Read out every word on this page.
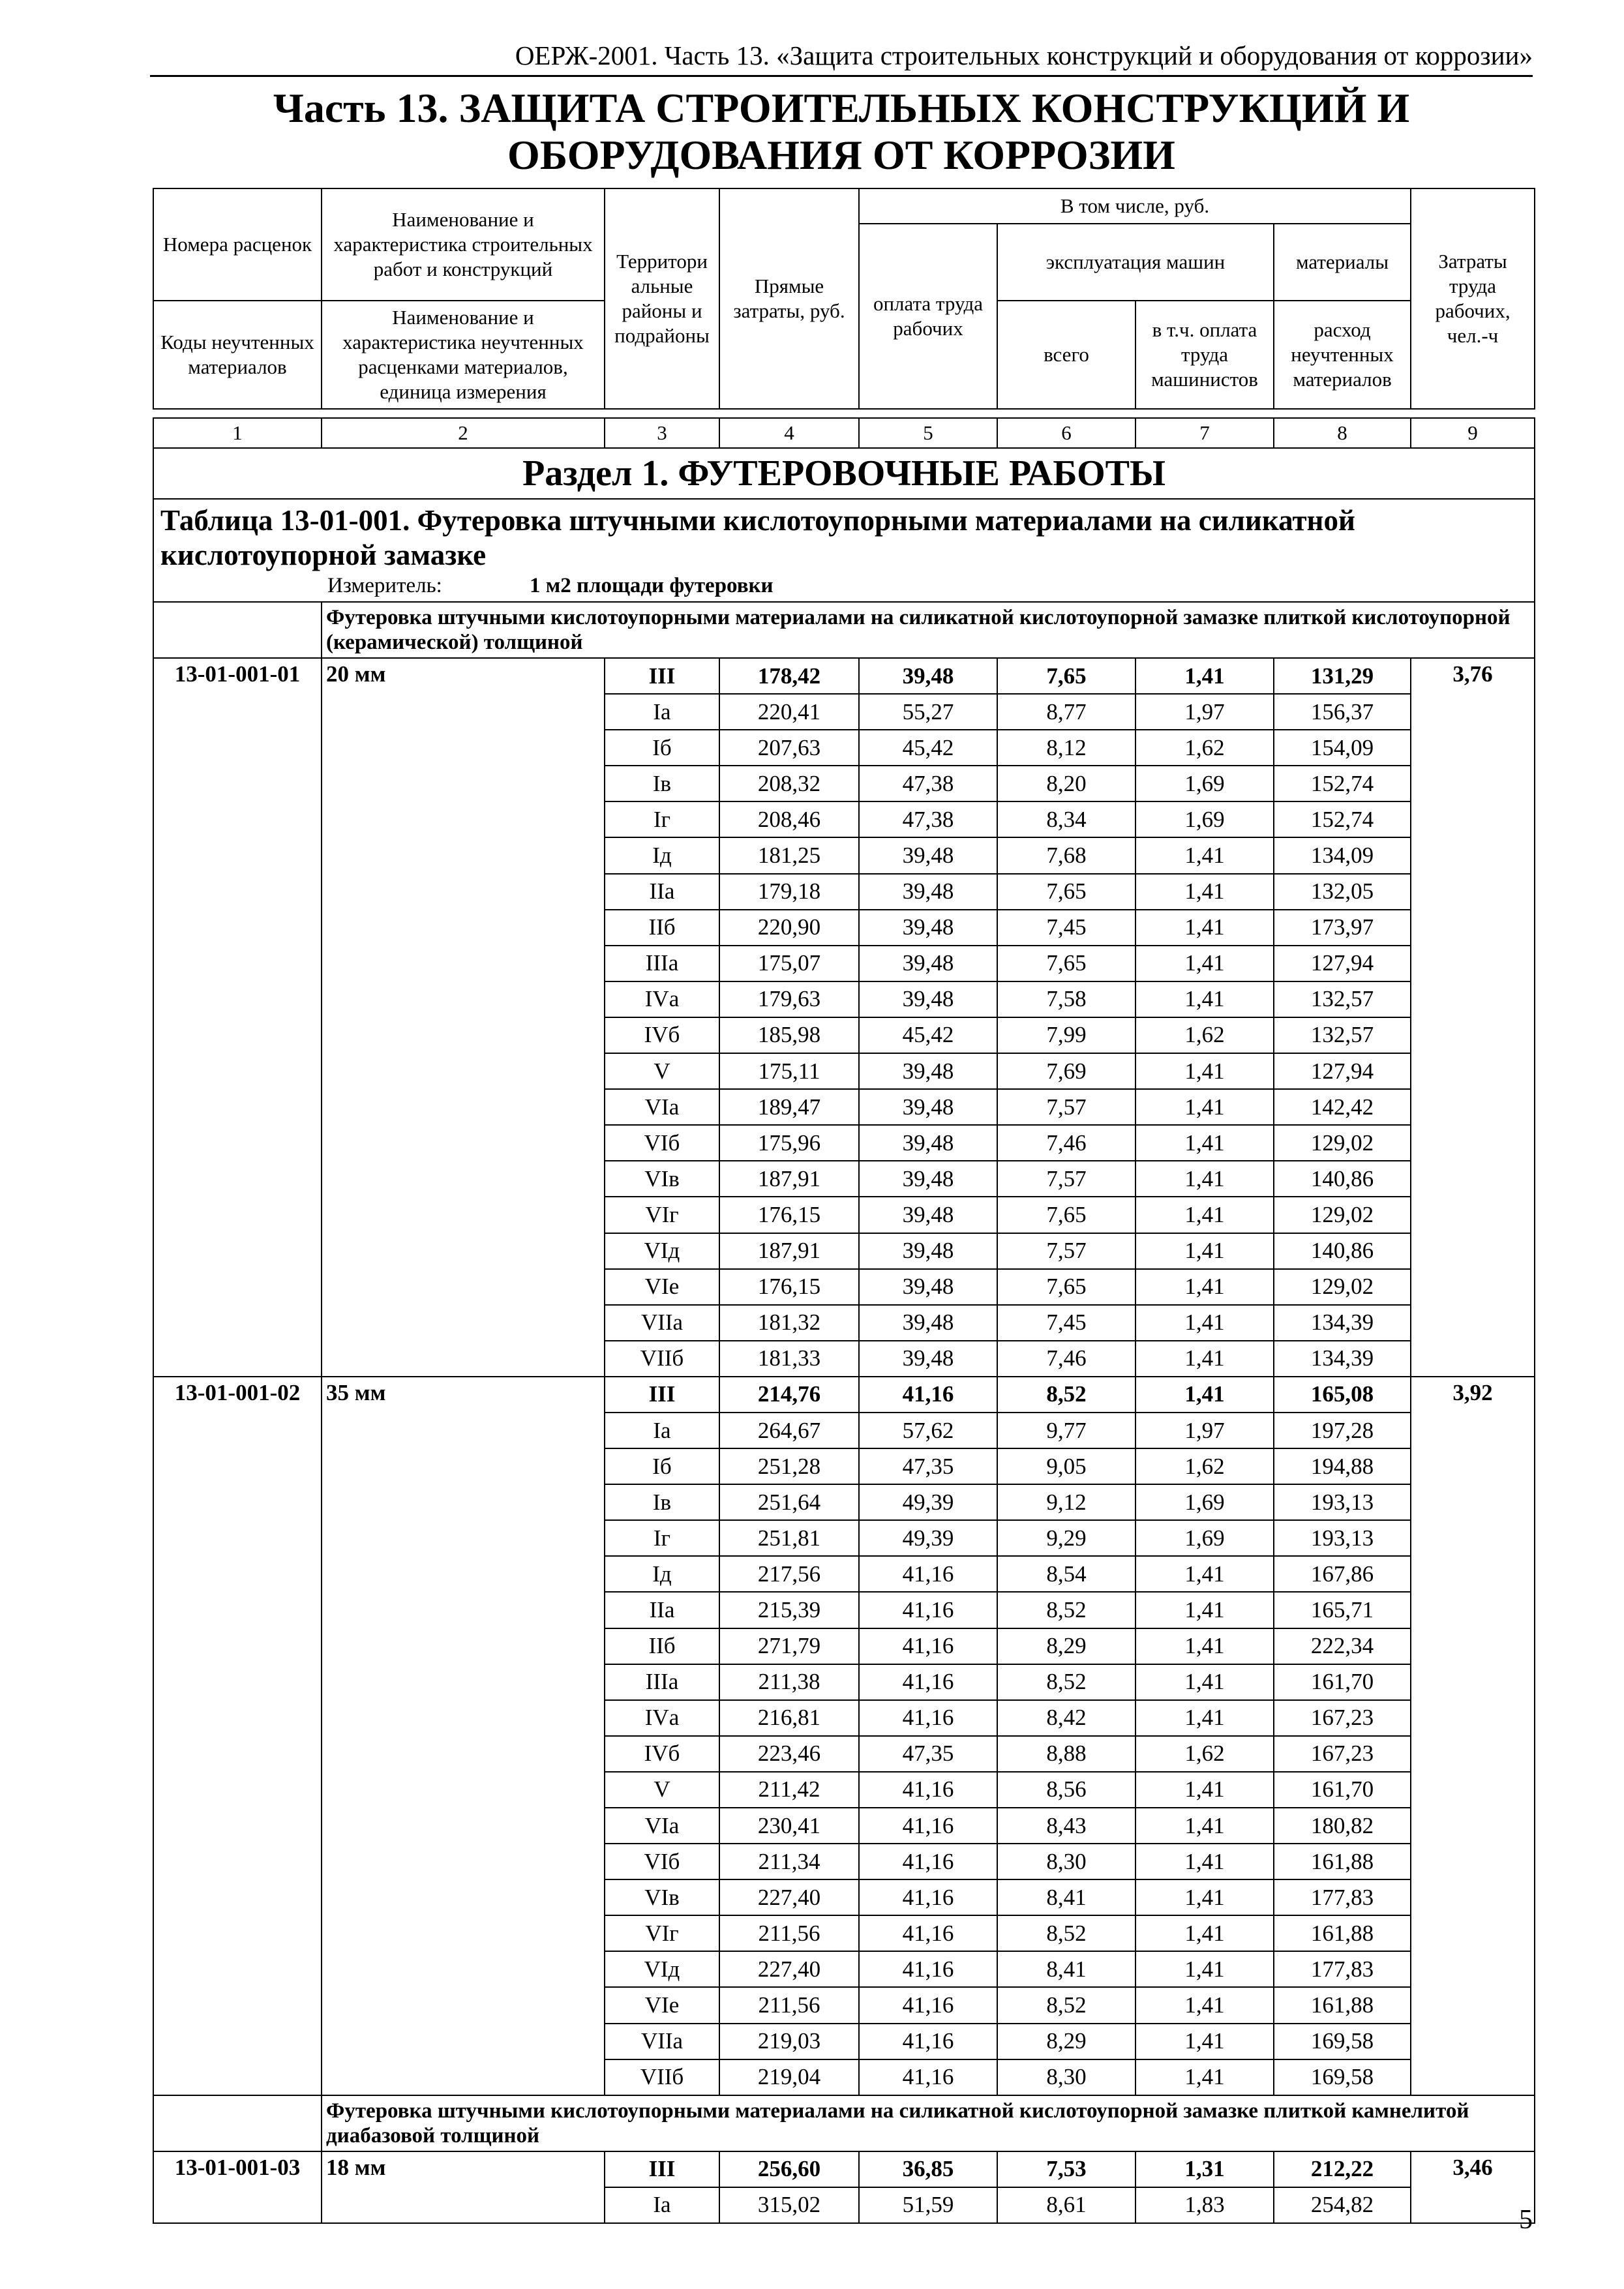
ОЕРЖ-2001. Часть 13. «Защита строительных конструкций и оборудования от коррозии»
Часть 13. ЗАЩИТА СТРОИТЕЛЬНЫХ КОНСТРУКЦИЙ И
ОБОРУДОВАНИЯ ОТ КОРРОЗИИ
Номера расценок	Наименование и характеристика строительных работ и конструкций	Территори альные районы и подрайоны	Прямые затраты, руб.	В том числе, руб.				Затраты труда рабочих, чел.-ч	
				оплата труда рабочих	эксплуатация машин		материалы		

Коды неучтенных материалов	Наименование и характеристика неучтенных расценками материалов, единица измерения				всего	в т.ч. оплата труда машинистов	расход неучтенных материалов		

1	2	3	4	5	6	7	8	9	
Раздел 1. ФУТЕРОВОЧНЫЕ РАБОТЫ									
Таблица 13-01-001. Футеровка штучными кислотоупорными материалами на силикатной кислотоупорной замазке									
Измеритель: 1 м2 площади футеровки									
	Футеровка штучными кислотоупорными материалами на силикатной кислотоупорной замазке плиткой кислотоупорной (керамической) толщиной								
13-01-001-01	20 мм	III	178,42	39,48	7,65	1,41	131,29	3,76	
		Iа	220,41	55,27	8,77	1,97	156,37		
		Iб	207,63	45,42	8,12	1,62	154,09		
		Iв	208,32	47,38	8,20	1,69	152,74		
		Iг	208,46	47,38	8,34	1,69	152,74		
		Iд	181,25	39,48	7,68	1,41	134,09		
		IIа	179,18	39,48	7,65	1,41	132,05		
		IIб	220,90	39,48	7,45	1,41	173,97		
		IIIа	175,07	39,48	7,65	1,41	127,94		
		IVа	179,63	39,48	7,58	1,41	132,57		
		IVб	185,98	45,42	7,99	1,62	132,57		
		V	175,11	39,48	7,69	1,41	127,94		
		VIа	189,47	39,48	7,57	1,41	142,42		
		VIб	175,96	39,48	7,46	1,41	129,02		
		VIв	187,91	39,48	7,57	1,41	140,86		
		VIг	176,15	39,48	7,65	1,41	129,02		
		VIд	187,91	39,48	7,57	1,41	140,86		
		VIе	176,15	39,48	7,65	1,41	129,02		
		VIIа	181,32	39,48	7,45	1,41	134,39		
		VIIб	181,33	39,48	7,46	1,41	134,39		
13-01-001-02	35 мм	III	214,76	41,16	8,52	1,41	165,08	3,92	
		Iа	264,67	57,62	9,77	1,97	197,28		
		Iб	251,28	47,35	9,05	1,62	194,88		
		Iв	251,64	49,39	9,12	1,69	193,13		
		Iг	251,81	49,39	9,29	1,69	193,13		
		Iд	217,56	41,16	8,54	1,41	167,86		
		IIа	215,39	41,16	8,52	1,41	165,71		
		IIб	271,79	41,16	8,29	1,41	222,34		
		IIIа	211,38	41,16	8,52	1,41	161,70		
		IVа	216,81	41,16	8,42	1,41	167,23		
		IVб	223,46	47,35	8,88	1,62	167,23		
		V	211,42	41,16	8,56	1,41	161,70		
		VIа	230,41	41,16	8,43	1,41	180,82		
		VIб	211,34	41,16	8,30	1,41	161,88		
		VIв	227,40	41,16	8,41	1,41	177,83		
		VIг	211,56	41,16	8,52	1,41	161,88		
		VIд	227,40	41,16	8,41	1,41	177,83		
		VIе	211,56	41,16	8,52	1,41	161,88		
		VIIа	219,03	41,16	8,29	1,41	169,58		
		VIIб	219,04	41,16	8,30	1,41	169,58		
	Футеровка штучными кислотоупорными материалами на силикатной кислотоупорной замазке плиткой камнелитой диабазовой толщиной								
13-01-001-03	18 мм	III	256,60	36,85	7,53	1,31	212,22	3,46	
		Iа	315,02	51,59	8,61	1,83	254,82		
5
